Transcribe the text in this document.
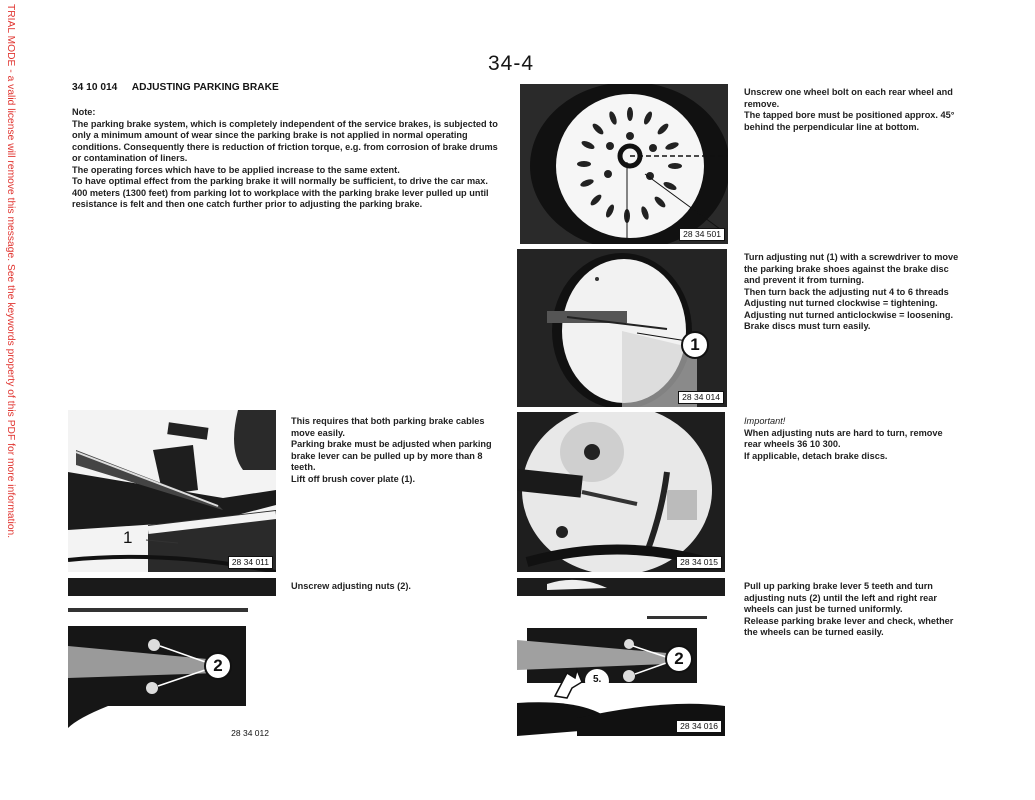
TRIAL MODE - a valid license will remove this message. See the keywords property of this PDF for more information.	34-4
34 10 014 ADJUSTING PARKING BRAKE

Note:

The parking brake system, which is completely independent of the service brakes, is subjected to only a minimum amount of wear since the parking brake is not applied in normal operating conditions. Consequently there is reduction of friction torque, e.g. from corrosion of brake drums or contamination of liners.

The operating forces which have to be applied increase to the same extent.

To have optimal effect from the parking brake it will normally be sufficient, to drive the car max. 400 meters (1300 feet) from parking lot to workplace with the parking brake lever pulled up until resistance is felt and then one catch further prior to adjusting the parking brake.

28 34 501

Unscrew one wheel bolt on each rear wheel and remove.

The tapped bore must be positioned approx. 45° behind the perpendicular line at bottom.

1
28 34 014

Turn adjusting nut (1) with a screwdriver to move the parking brake shoes against the brake disc and prevent it from turning.

Then turn back the adjusting nut 4 to 6 threads

Adjusting nut turned clockwise = tightening.

Adjusting nut turned anticlockwise = loosening.

Brake discs must turn easily.

28 34 015

Important!

When adjusting nuts are hard to turn, remove rear wheels 36 10 300.

If applicable, detach brake discs.

1
28 34 011

This requires that both parking brake cables move easily.

Parking brake must be adjusted when parking brake lever can be pulled up by more than 8 teeth.

Lift off brush cover plate (1).

2
28 34 012

Unscrew adjusting nuts (2).

5.
2
28 34 016

Pull up parking brake lever 5 teeth and turn adjusting nuts (2) until the left and right rear wheels can just be turned uniformly.

Release parking brake lever and check, whether the wheels can be turned easily.
